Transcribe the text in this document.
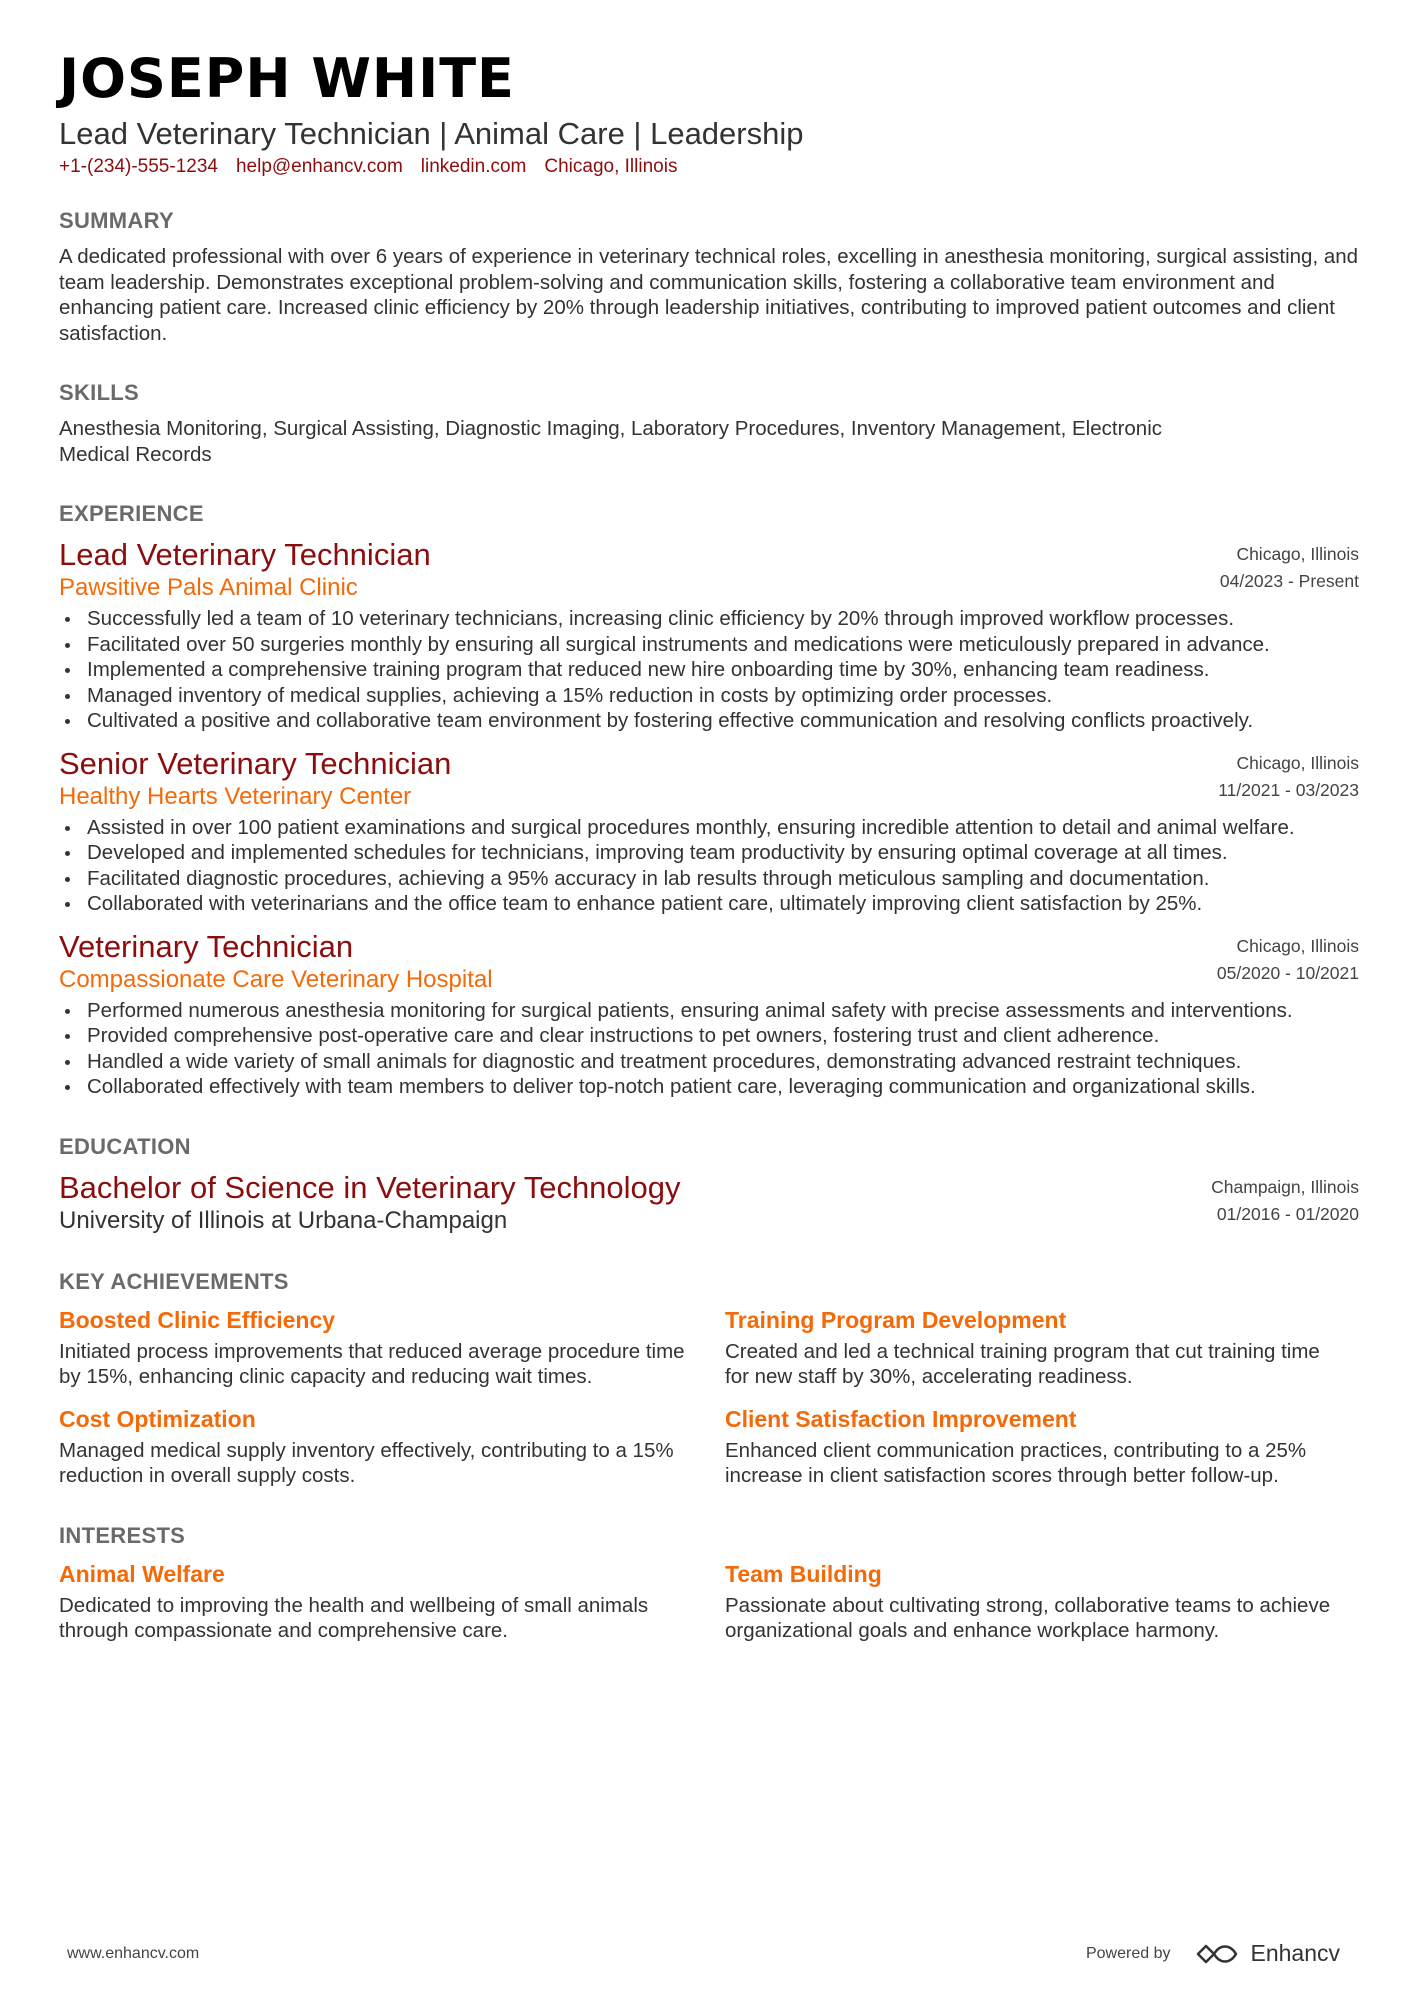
JOSEPH WHITE
Lead Veterinary Technician | Animal Care | Leadership
+1-(234)-555-1234 help@enhancv.com linkedin.com Chicago, Illinois
SUMMARY
A dedicated professional with over 6 years of experience in veterinary technical roles, excelling in anesthesia monitoring, surgical assisting, and team leadership. Demonstrates exceptional problem-solving and communication skills, fostering a collaborative team environment and enhancing patient care. Increased clinic efficiency by 20% through leadership initiatives, contributing to improved patient outcomes and client satisfaction.
SKILLS
Anesthesia Monitoring, Surgical Assisting, Diagnostic Imaging, Laboratory Procedures, Inventory Management, Electronic Medical Records
EXPERIENCE
Lead Veterinary Technician
Pawsitive Pals Animal Clinic
Chicago, Illinois
04/2023 - Present
Successfully led a team of 10 veterinary technicians, increasing clinic efficiency by 20% through improved workflow processes.
Facilitated over 50 surgeries monthly by ensuring all surgical instruments and medications were meticulously prepared in advance.
Implemented a comprehensive training program that reduced new hire onboarding time by 30%, enhancing team readiness.
Managed inventory of medical supplies, achieving a 15% reduction in costs by optimizing order processes.
Cultivated a positive and collaborative team environment by fostering effective communication and resolving conflicts proactively.
Senior Veterinary Technician
Healthy Hearts Veterinary Center
Chicago, Illinois
11/2021 - 03/2023
Assisted in over 100 patient examinations and surgical procedures monthly, ensuring incredible attention to detail and animal welfare.
Developed and implemented schedules for technicians, improving team productivity by ensuring optimal coverage at all times.
Facilitated diagnostic procedures, achieving a 95% accuracy in lab results through meticulous sampling and documentation.
Collaborated with veterinarians and the office team to enhance patient care, ultimately improving client satisfaction by 25%.
Veterinary Technician
Compassionate Care Veterinary Hospital
Chicago, Illinois
05/2020 - 10/2021
Performed numerous anesthesia monitoring for surgical patients, ensuring animal safety with precise assessments and interventions.
Provided comprehensive post-operative care and clear instructions to pet owners, fostering trust and client adherence.
Handled a wide variety of small animals for diagnostic and treatment procedures, demonstrating advanced restraint techniques.
Collaborated effectively with team members to deliver top-notch patient care, leveraging communication and organizational skills.
EDUCATION
Bachelor of Science in Veterinary Technology
University of Illinois at Urbana-Champaign
Champaign, Illinois
01/2016 - 01/2020
KEY ACHIEVEMENTS
Boosted Clinic Efficiency
Initiated process improvements that reduced average procedure time by 15%, enhancing clinic capacity and reducing wait times.
Training Program Development
Created and led a technical training program that cut training time for new staff by 30%, accelerating readiness.
Cost Optimization
Managed medical supply inventory effectively, contributing to a 15% reduction in overall supply costs.
Client Satisfaction Improvement
Enhanced client communication practices, contributing to a 25% increase in client satisfaction scores through better follow-up.
INTERESTS
Animal Welfare
Dedicated to improving the health and wellbeing of small animals through compassionate and comprehensive care.
Team Building
Passionate about cultivating strong, collaborative teams to achieve organizational goals and enhance workplace harmony.
www.enhancv.com	Powered by	Enhancv
